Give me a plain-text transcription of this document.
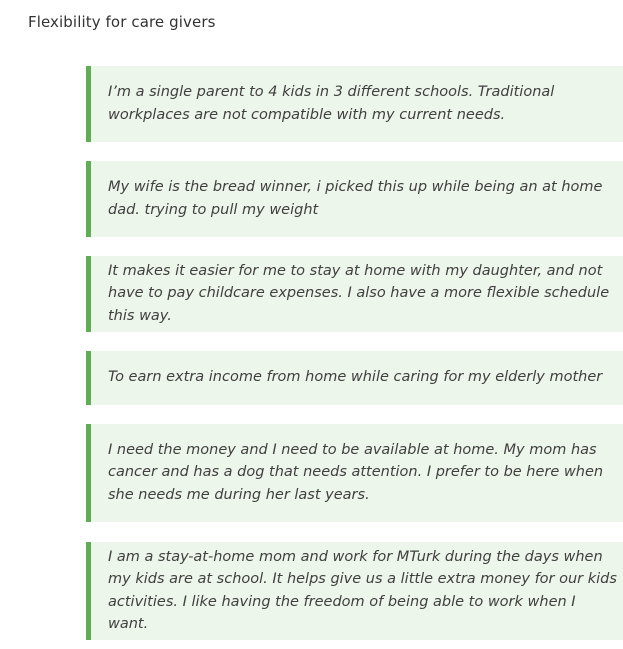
Flexibility for care givers

I’m a single parent to 4 kids in 3 different schools. Traditional workplaces are not compatible with my current needs.

My wife is the bread winner, i picked this up while being an at home dad. trying to pull my weight

It makes it easier for me to stay at home with my daughter, and not have to pay childcare expenses. I also have a more flexible schedule this way.

To earn extra income from home while caring for my elderly mother

I need the money and I need to be available at home. My mom has cancer and has a dog that needs attention. I prefer to be here when she needs me during her last years.

I am a stay-at-home mom and work for MTurk during the days when my kids are at school. It helps give us a little extra money for our kids activities. I like having the freedom of being able to work when I want.
